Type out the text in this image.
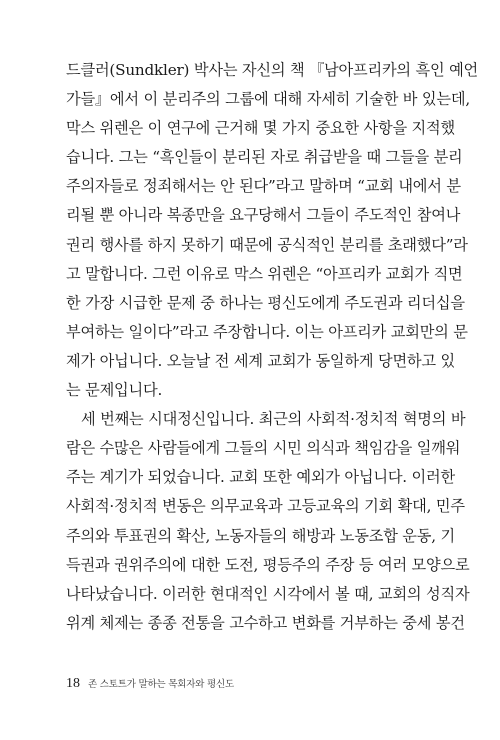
드클러(Sundkler) 박사는 자신의 책 『남아프리카의 흑인 예언
가들』에서 이 분리주의 그룹에 대해 자세히 기술한 바 있는데,
막스 위렌은 이 연구에 근거해 몇 가지 중요한 사항을 지적했
습니다. 그는 “흑인들이 분리된 자로 취급받을 때 그들을 분리
주의자들로 정죄해서는 안 된다”라고 말하며 “교회 내에서 분
리될 뿐 아니라 복종만을 요구당해서 그들이 주도적인 참여나
권리 행사를 하지 못하기 때문에 공식적인 분리를 초래했다”라
고 말합니다. 그런 이유로 막스 위렌은 “아프리카 교회가 직면
한 가장 시급한 문제 중 하나는 평신도에게 주도권과 리더십을
부여하는 일이다”라고 주장합니다. 이는 아프리카 교회만의 문
제가 아닙니다. 오늘날 전 세계 교회가 동일하게 당면하고 있
는 문제입니다.
세 번째는 시대정신입니다. 최근의 사회적·정치적 혁명의 바
람은 수많은 사람들에게 그들의 시민 의식과 책임감을 일깨워
주는 계기가 되었습니다. 교회 또한 예외가 아닙니다. 이러한
사회적·정치적 변동은 의무교육과 고등교육의 기회 확대, 민주
주의와 투표권의 확산, 노동자들의 해방과 노동조합 운동, 기
득권과 권위주의에 대한 도전, 평등주의 주장 등 여러 모양으로
나타났습니다. 이러한 현대적인 시각에서 볼 때, 교회의 성직자
위계 체제는 종종 전통을 고수하고 변화를 거부하는 중세 봉건
18 존 스토트가 말하는 목회자와 평신도
